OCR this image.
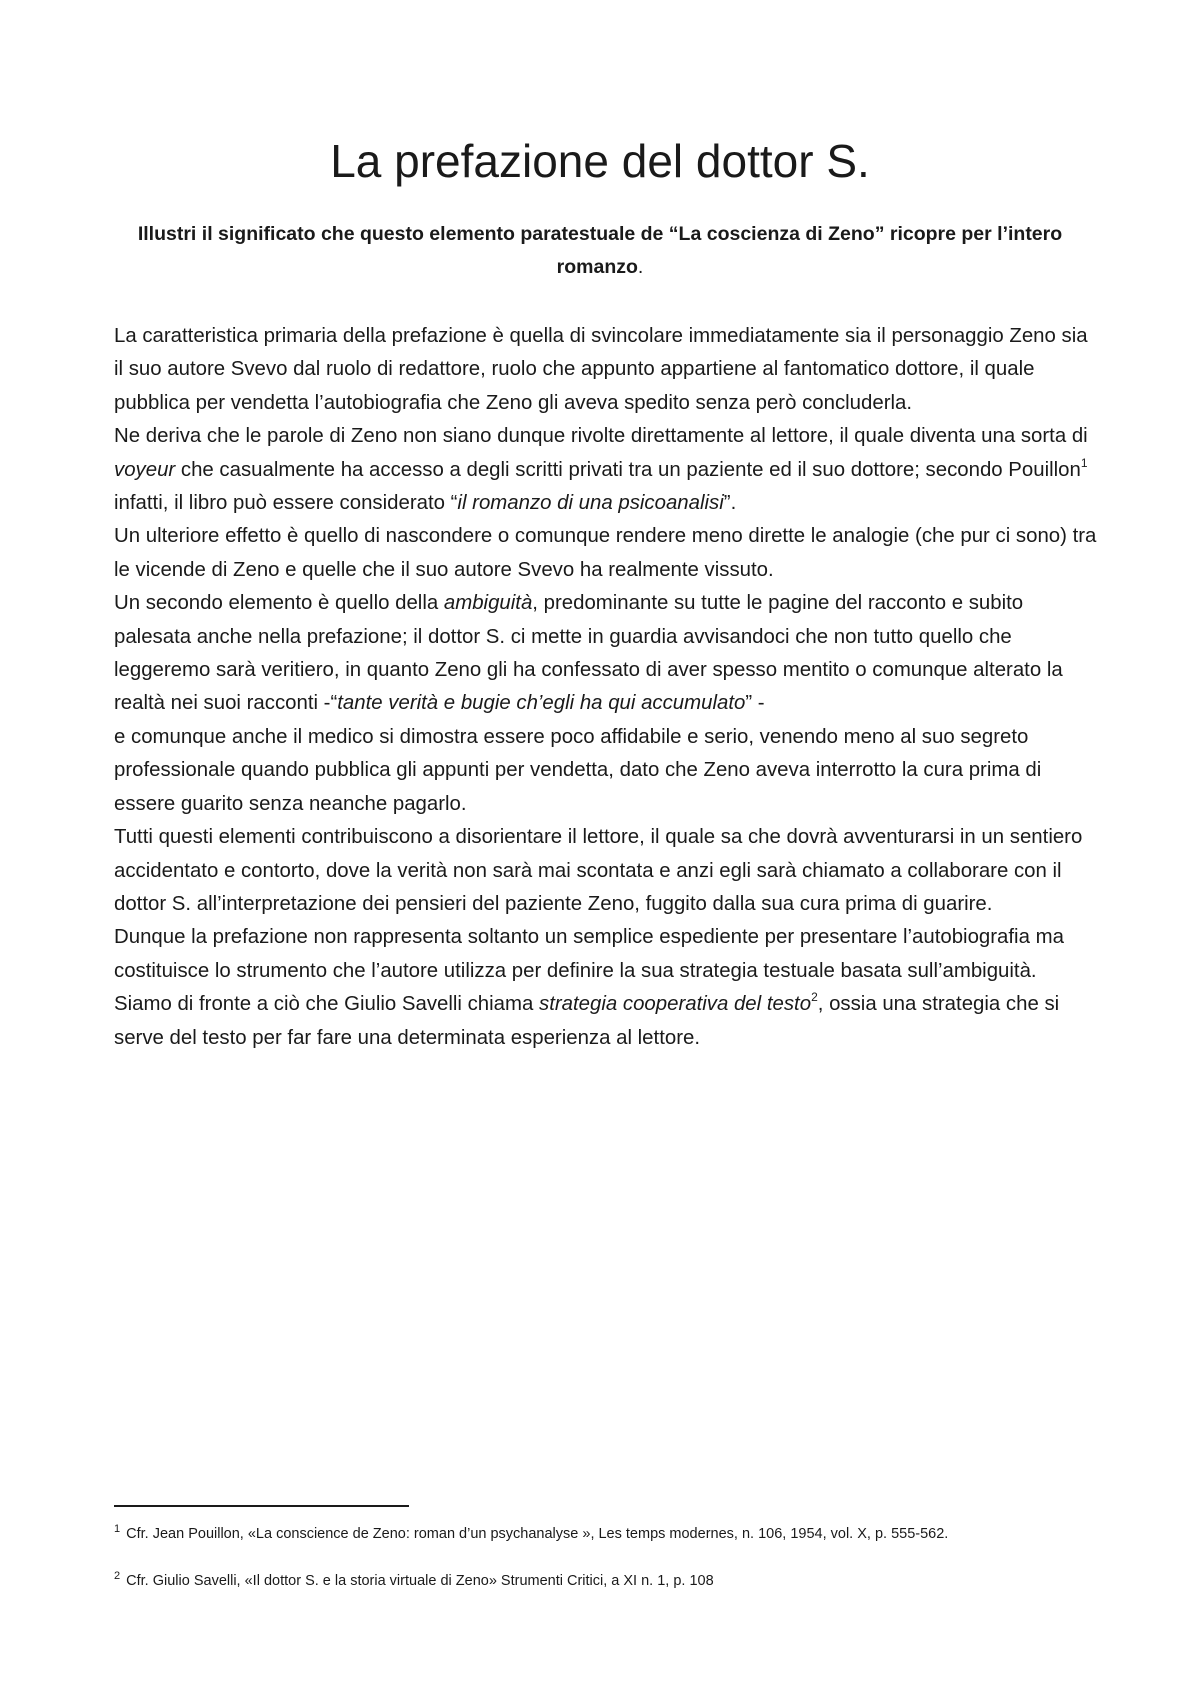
La prefazione del dottor S.

Illustri il significato che questo elemento paratestuale de “La coscienza di Zeno” ricopre per l’intero romanzo.

La caratteristica primaria della prefazione è quella di svincolare immediatamente sia il personaggio Zeno sia il suo autore Svevo dal ruolo di redattore, ruolo che appunto appartiene al fantomatico dottore, il quale pubblica per vendetta l’autobiografia che Zeno gli aveva spedito senza però concluderla.

Ne deriva che le parole di Zeno non siano dunque rivolte direttamente al lettore, il quale diventa una sorta di voyeur che casualmente ha accesso a degli scritti privati tra un paziente ed il suo dottore; secondo Pouillon$^1$ infatti, il libro può essere considerato “il romanzo di una psicoanalisi”.

Un ulteriore effetto è quello di nascondere o comunque rendere meno dirette le analogie (che pur ci sono) tra le vicende di Zeno e quelle che il suo autore Svevo ha realmente vissuto.

Un secondo elemento è quello della ambiguità, predominante su tutte le pagine del racconto e subito palesata anche nella prefazione; il dottor S. ci mette in guardia avvisandoci che non tutto quello che leggeremo sarà veritiero, in quanto Zeno gli ha confessato di aver spesso mentito o comunque alterato la realtà nei suoi racconti -“tante verità e bugie ch’egli ha qui accumulato” -

e comunque anche il medico si dimostra essere poco affidabile e serio, venendo meno al suo segreto professionale quando pubblica gli appunti per vendetta, dato che Zeno aveva interrotto la cura prima di essere guarito senza neanche pagarlo.

Tutti questi elementi contribuiscono a disorientare il lettore, il quale sa che dovrà avventurarsi in un sentiero accidentato e contorto, dove la verità non sarà mai scontata e anzi egli sarà chiamato a collaborare con il dottor S. all’interpretazione dei pensieri del paziente Zeno, fuggito dalla sua cura prima di guarire.

Dunque la prefazione non rappresenta soltanto un semplice espediente per presentare l’autobiografia ma costituisce lo strumento che l’autore utilizza per definire la sua strategia testuale basata sull’ambiguità. Siamo di fronte a ciò che Giulio Savelli chiama strategia cooperativa del testo$^2$, ossia una strategia che si serve del testo per far fare una determinata esperienza al lettore.

$^1$ Cfr. Jean Pouillon, «La conscience de Zeno: roman d’un psychanalyse », Les temps modernes, n. 106, 1954, vol. X, p. 555-562.

$^2$ Cfr. Giulio Savelli, «Il dottor S. e la storia virtuale di Zeno» Strumenti Critici, a XI n. 1, p. 108
